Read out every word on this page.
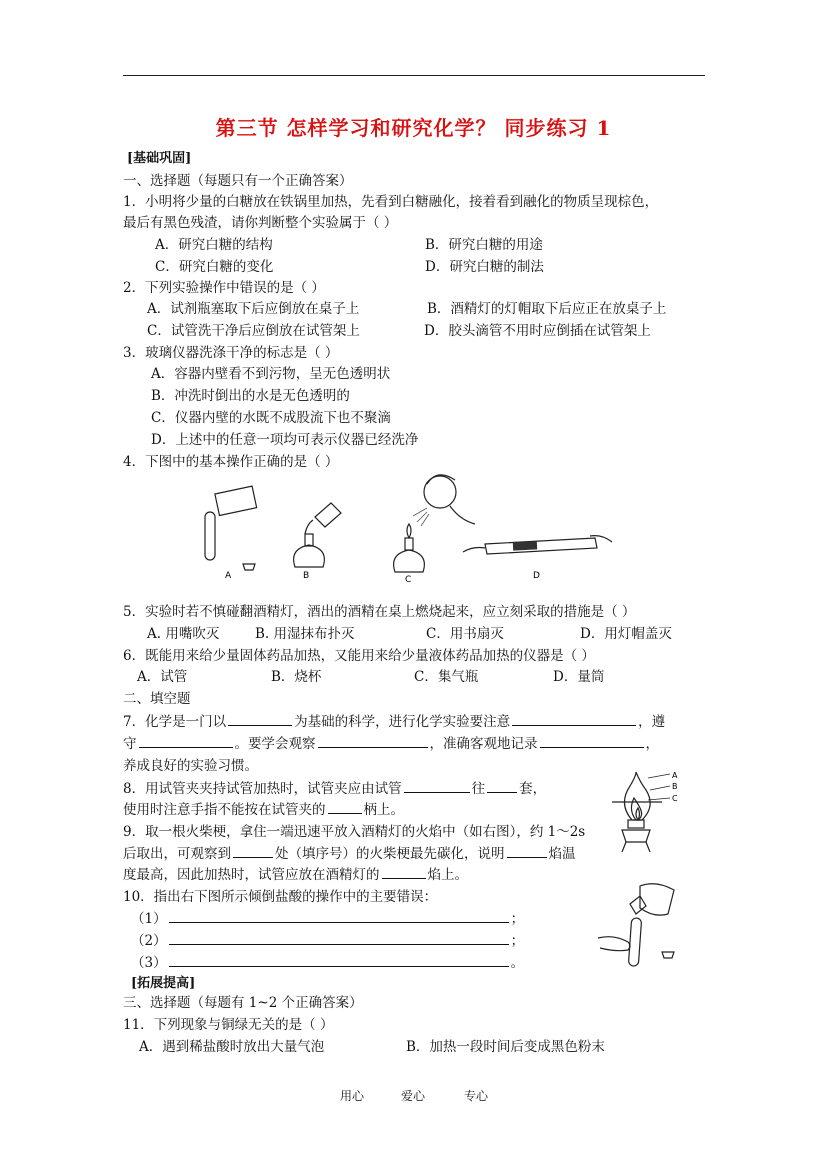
第三节 怎样学习和研究化学？ 同步练习 1
[基础巩固]
一、选择题（每题只有一个正确答案）
1．小明将少量的白糖放在铁锅里加热，先看到白糖融化，接着看到融化的物质呈现棕色，
最后有黑色残渣，请你判断整个实验属于（ ）
A．研究白糖的结构	B．研究白糖的用途
C．研究白糖的变化	D．研究白糖的制法
2．下列实验操作中错误的是（ ）
A．试剂瓶塞取下后应倒放在桌子上	B．酒精灯的灯帽取下后应正在放桌子上
C．试管洗干净后应倒放在试管架上	D．胶头滴管不用时应倒插在试管架上
3．玻璃仪器洗涤干净的标志是（ ）
A．容器内壁看不到污物，呈无色透明状
B．冲洗时倒出的水是无色透明的
C．仪器内壁的水既不成股流下也不聚滴
D．上述中的任意一项均可表示仪器已经洗净
4．下图中的基本操作正确的是（ ）
A	B	C	D
5．实验时若不慎碰翻酒精灯，酒出的酒精在桌上燃烧起来，应立刻采取的措施是（ ）
A. 用嘴吹灭	B. 用湿抹布扑灭	C．用书扇灭	D．用灯帽盖灭
6．既能用来给少量固体药品加热，又能用来给少量液体药品加热的仪器是（ ）
A．试管	B．烧杯	C．集气瓶	D．量筒
二、填空题
7．化学是一门以	为基础的科学，进行化学实验要注意	，遵
守	。要学会观察	，准确客观地记录	，
养成良好的实验习惯。
8．用试管夹夹持试管加热时，试管夹应由试管	往	套，
使用时注意手指不能按在试管夹的	柄上。
A
B
C
9．取一根火柴梗，拿住一端迅速平放入酒精灯的火焰中（如右图），约 1～2s
后取出，可观察到	处（填序号）的火柴梗最先碳化，说明	焰温
度最高，因此加热时，试管应放在酒精灯的	焰上。
10．指出右下图所示倾倒盐酸的操作中的主要错误：
（1）	；
（2）	；
（3）	。
[拓展提高]
三、选择题（每题有 1~2 个正确答案）
11．下列现象与铜绿无关的是（ ）
A．遇到稀盐酸时放出大量气泡	B．加热一段时间后变成黑色粉末
用心	爱心	专心
